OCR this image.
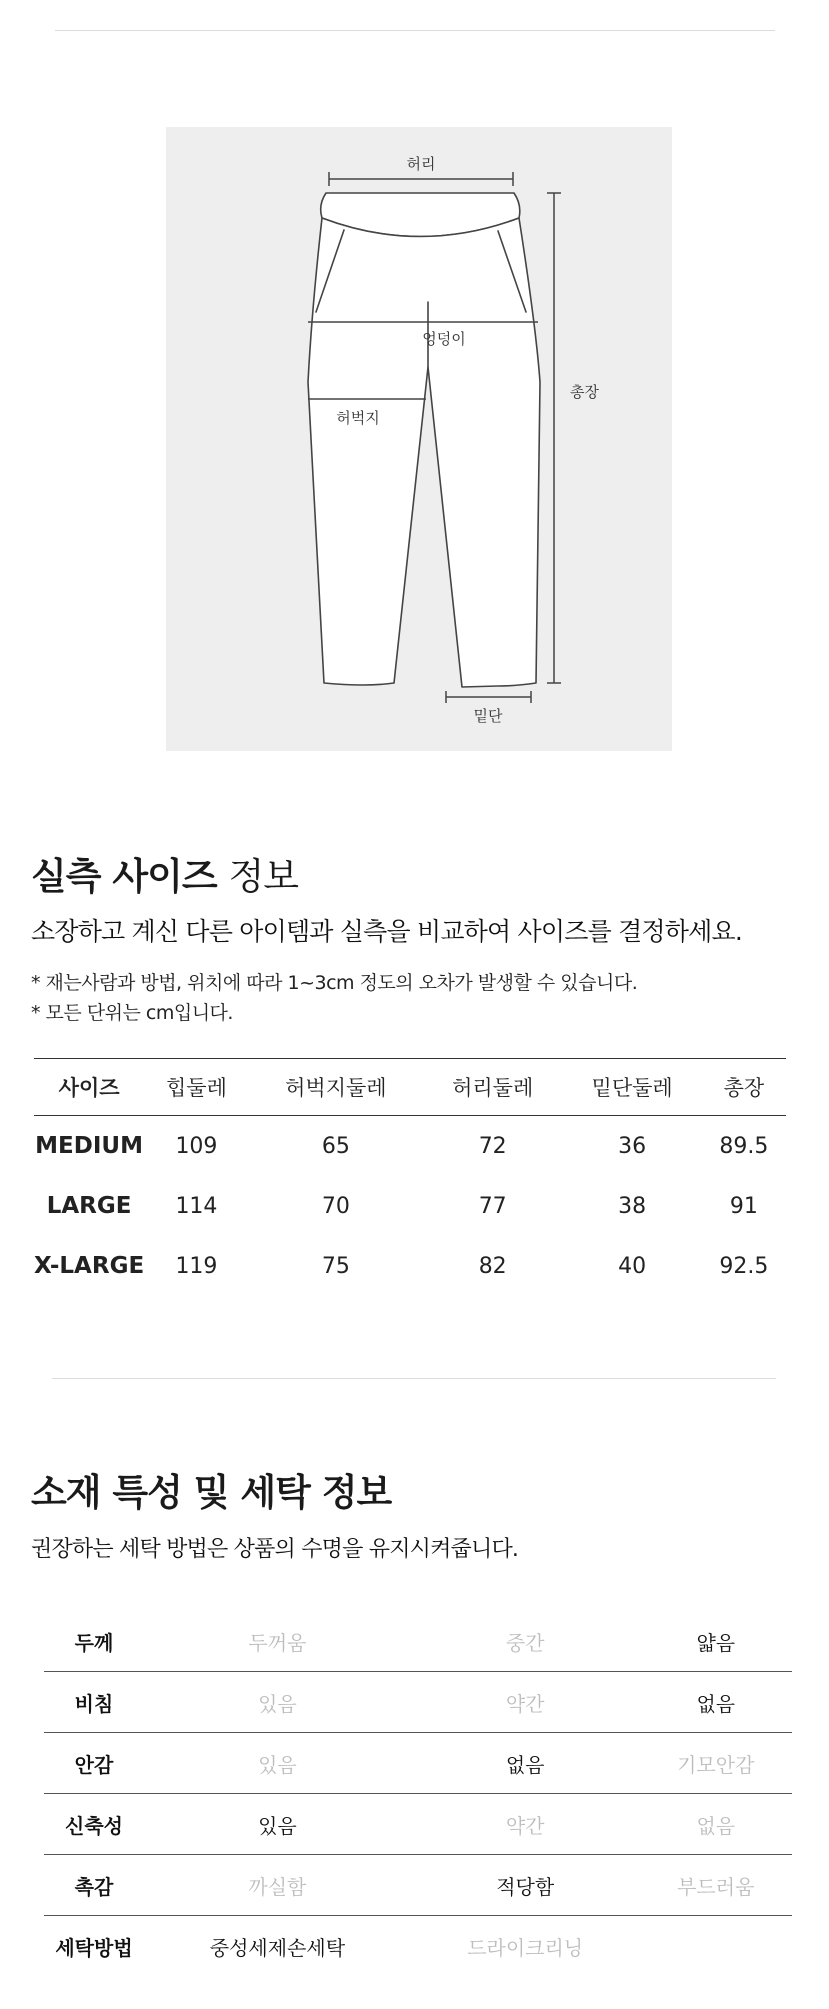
허리
엉덩이
허벅지
총장
밑단
실측 사이즈 정보
소장하고 계신 다른 아이템과 실측을 비교하여 사이즈를 결정하세요.
* 재는사람과 방법, 위치에 따라 1~3cm 정도의 오차가 발생할 수 있습니다.
* 모든 단위는 cm입니다.
사이즈	힙둘레	허벅지둘레	허리둘레	밑단둘레	총장
MEDIUM	109	65	72	36	89.5
LARGE	114	70	77	38	91
X-LARGE	119	75	82	40	92.5
소재 특성 및 세탁 정보
권장하는 세탁 방법은 상품의 수명을 유지시켜줍니다.
두께	두꺼움	중간	얇음
비침	있음	약간	없음
안감	있음	없음	기모안감
신축성	있음	약간	없음
촉감	까실함	적당함	부드러움
세탁방법	중성세제손세탁	드라이크리닝	
